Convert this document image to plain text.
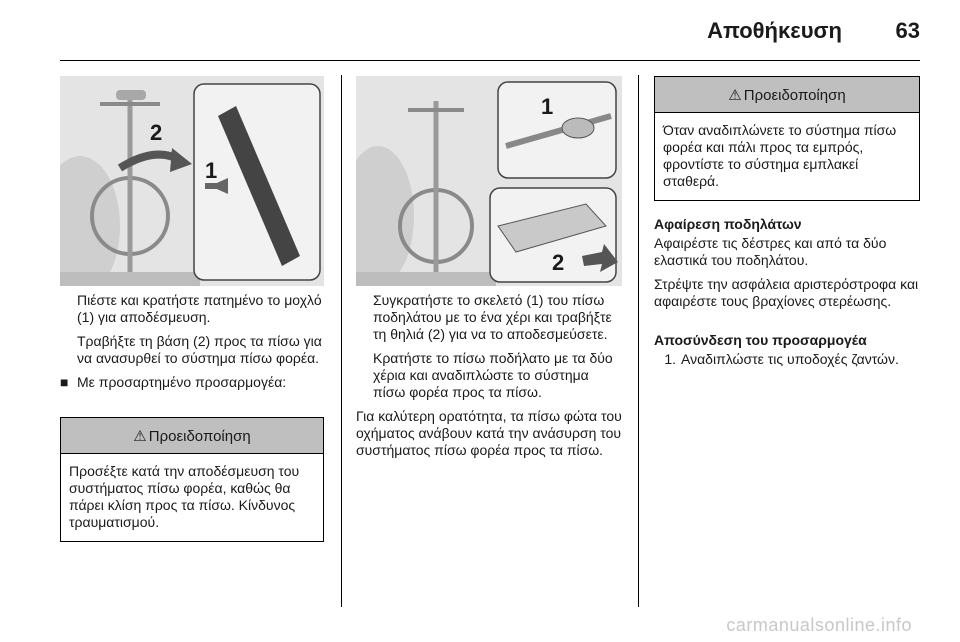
Αποθήκευση 63
2
1
1
2

Πιέστε και κρατήστε πατημένο το μοχλό (1) για αποδέσμευση.

Τραβήξτε τη βάση (2) προς τα πίσω για να ανασυρθεί το σύστημα πίσω φορέα.

■ Με προσαρτημένο προσαρμογέα:
⚠ Προειδοποίηση
Προσέξτε κατά την αποδέσμευση του συστήματος πίσω φορέα, καθώς θα πάρει κλίση προς τα πίσω. Κίνδυνος τραυματισμού.

Συγκρατήστε το σκελετό (1) του πίσω ποδηλάτου με το ένα χέρι και τραβήξτε τη θηλιά (2) για να το αποδεσμεύσετε.

Κρατήστε το πίσω ποδήλατο με τα δύο χέρια και αναδιπλώστε το σύστημα πίσω φορέα προς τα πίσω.

Για καλύτερη ορατότητα, τα πίσω φώτα του οχήματος ανάβουν κατά την ανάσυρση του συστήματος πίσω φορέα προς τα πίσω.

⚠ Προειδοποίηση
Όταν αναδιπλώνετε το σύστημα πίσω φορέα και πάλι προς τα εμπρός, φροντίστε το σύστημα εμπλακεί σταθερά.

Αφαίρεση ποδηλάτων

Αφαιρέστε τις δέστρες και από τα δύο ελαστικά του ποδηλάτου.

Στρέψτε την ασφάλεια αριστερόστροφα και αφαιρέστε τους βραχίονες στερέωσης.

Αποσύνδεση του προσαρμογέα

1. Αναδιπλώστε τις υποδοχές ζαντών.
carmanualsonline.info
